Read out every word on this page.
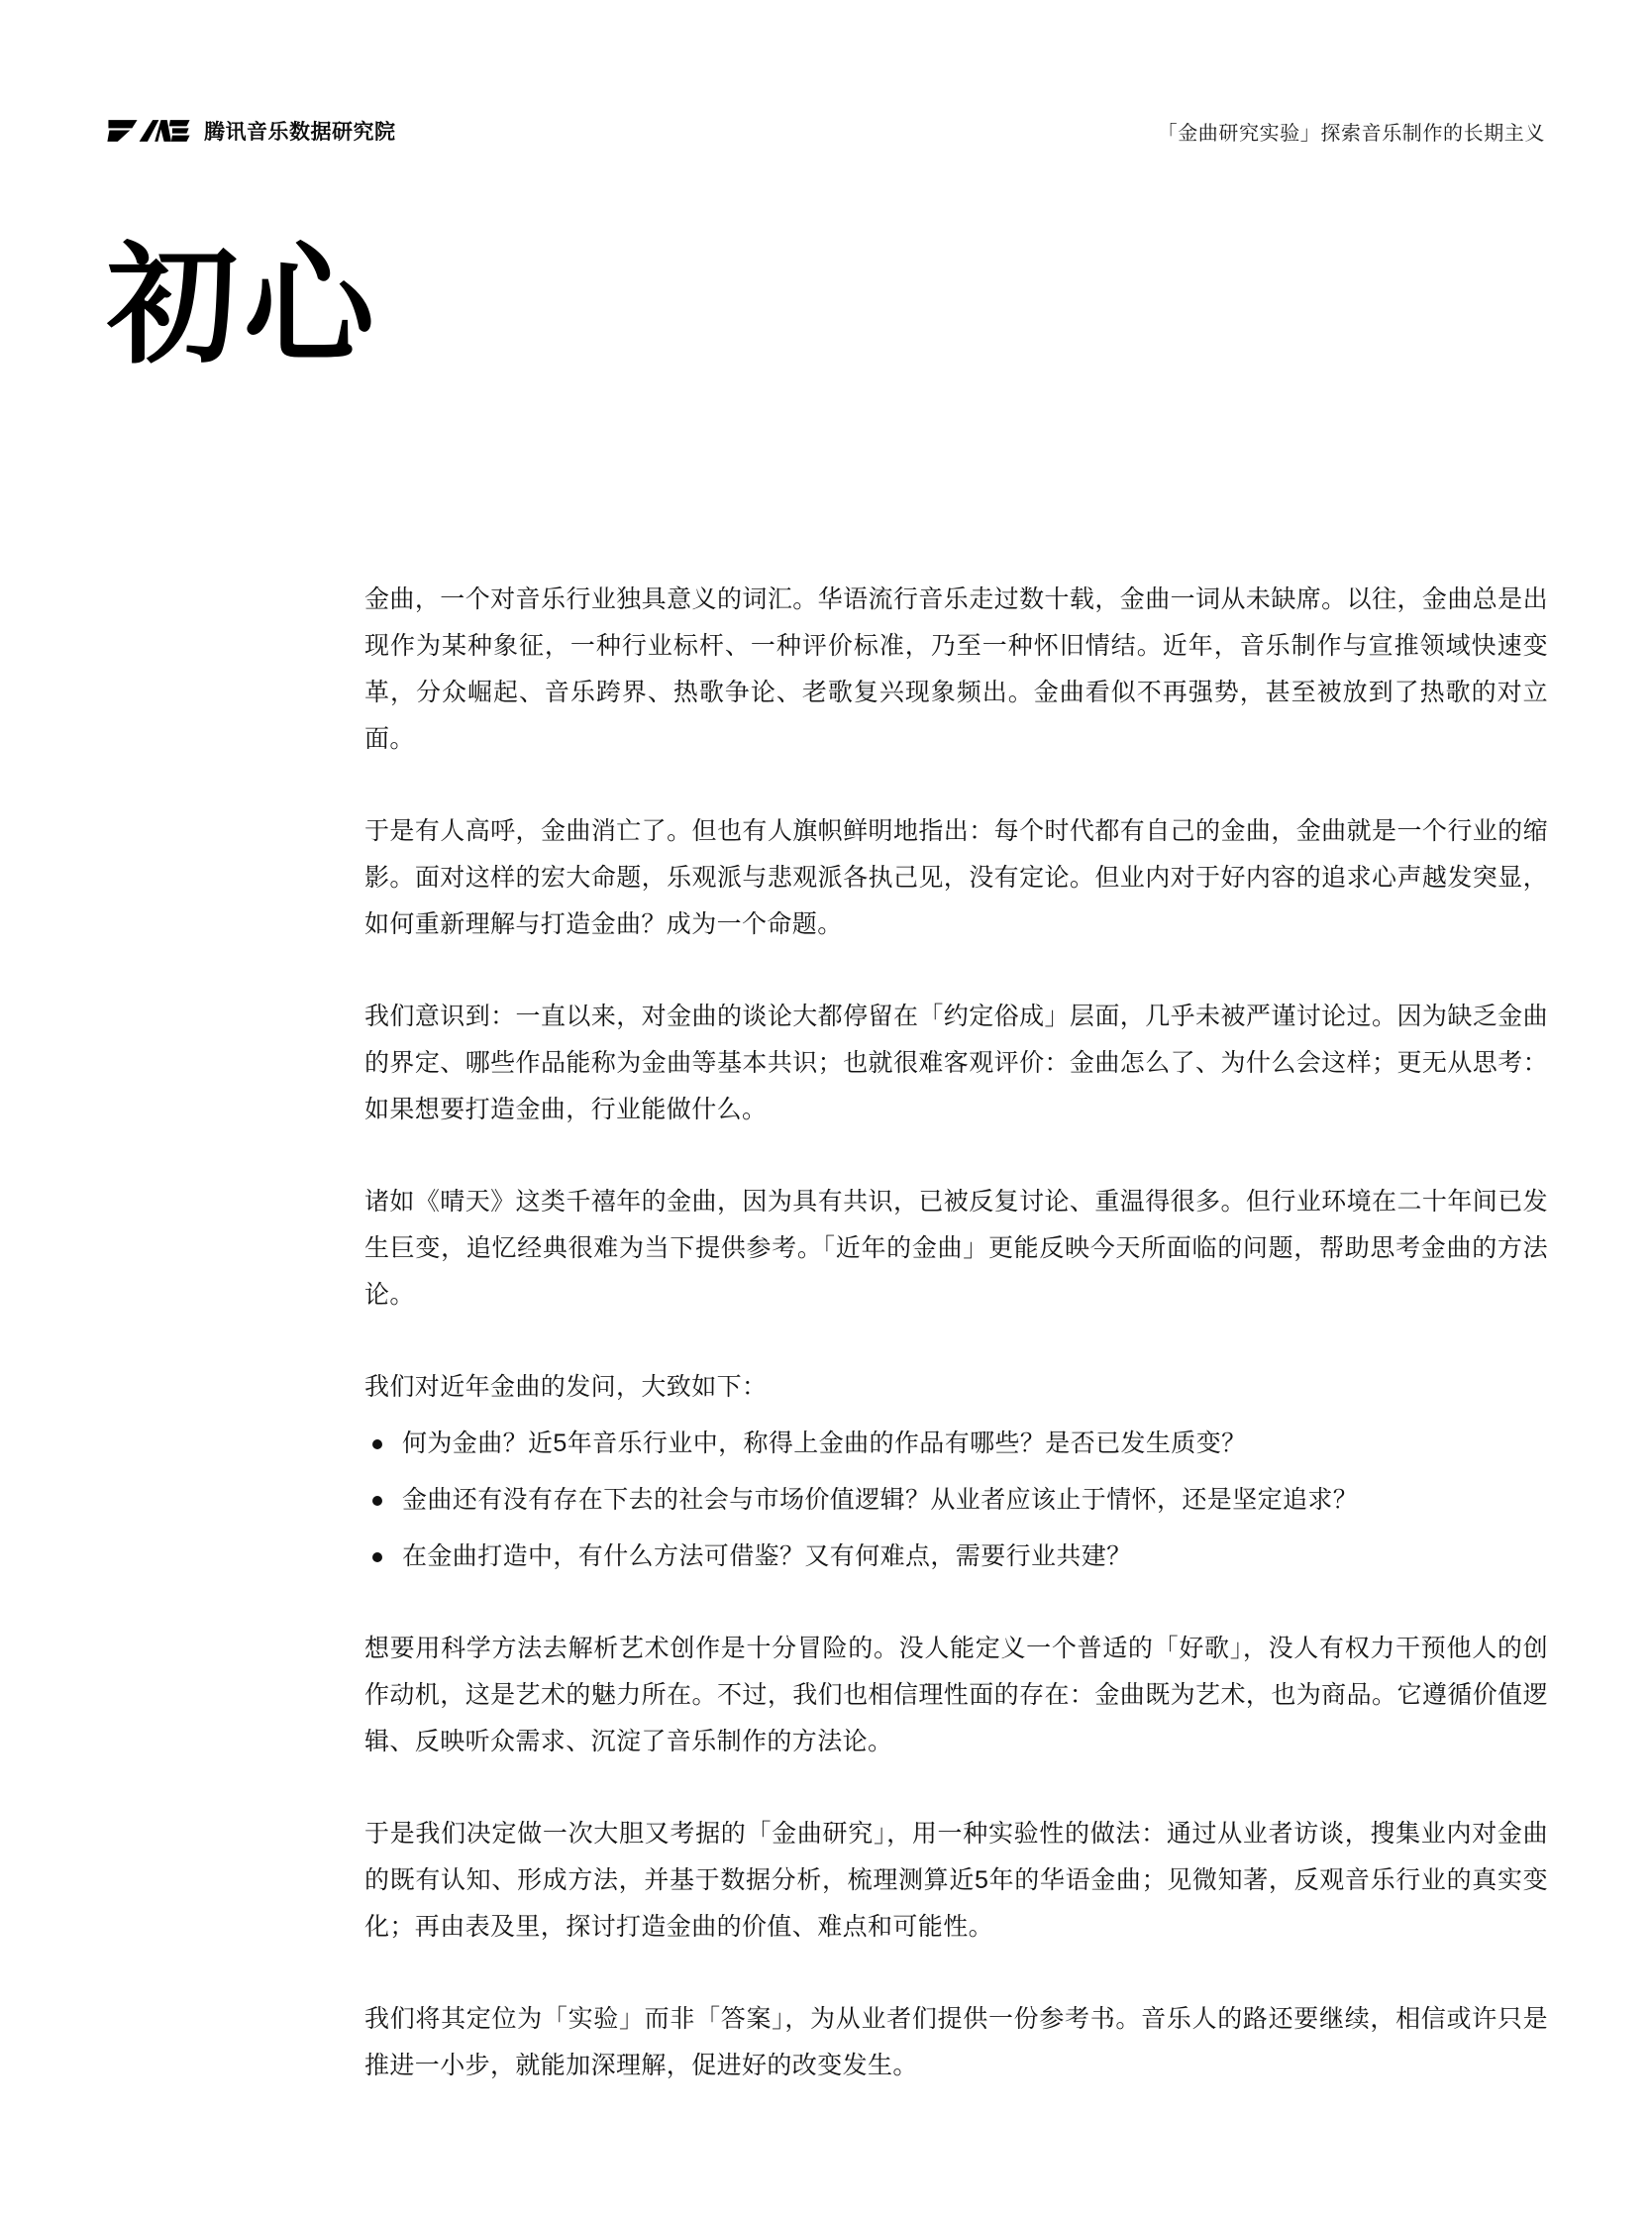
腾讯音乐数据研究院	「金曲研究实验」探索音乐制作的长期主义
初心

金曲，一个对音乐行业独具意义的词汇。华语流行音乐走过数十载，金曲一词从未缺席。以往，金曲总是出现作为某种象征，一种行业标杆、一种评价标准，乃至一种怀旧情结。近年，音乐制作与宣推领域快速变革，分众崛起、音乐跨界、热歌争论、老歌复兴现象频出。金曲看似不再强势，甚至被放到了热歌的对立面。

于是有人高呼，金曲消亡了。但也有人旗帜鲜明地指出：每个时代都有自己的金曲，金曲就是一个行业的缩影。面对这样的宏大命题，乐观派与悲观派各执己见，没有定论。但业内对于好内容的追求心声越发突显，如何重新理解与打造金曲？成为一个命题。

我们意识到：一直以来，对金曲的谈论大都停留在「约定俗成」层面，几乎未被严谨讨论过。因为缺乏金曲的界定、哪些作品能称为金曲等基本共识；也就很难客观评价：金曲怎么了、为什么会这样；更无从思考：如果想要打造金曲，行业能做什么。

诸如《晴天》这类千禧年的金曲，因为具有共识，已被反复讨论、重温得很多。但行业环境在二十年间已发生巨变，追忆经典很难为当下提供参考。「近年的金曲」更能反映今天所面临的问题，帮助思考金曲的方法论。

我们对近年金曲的发问，大致如下：

何为金曲？近5年音乐行业中，称得上金曲的作品有哪些？是否已发生质变？
金曲还有没有存在下去的社会与市场价值逻辑？从业者应该止于情怀，还是坚定追求？
在金曲打造中，有什么方法可借鉴？又有何难点，需要行业共建？

想要用科学方法去解析艺术创作是十分冒险的。没人能定义一个普适的「好歌」，没人有权力干预他人的创作动机，这是艺术的魅力所在。不过，我们也相信理性面的存在：金曲既为艺术，也为商品。它遵循价值逻辑、反映听众需求、沉淀了音乐制作的方法论。

于是我们决定做一次大胆又考据的「金曲研究」，用一种实验性的做法：通过从业者访谈，搜集业内对金曲的既有认知、形成方法，并基于数据分析，梳理测算近5年的华语金曲；见微知著，反观音乐行业的真实变化；再由表及里，探讨打造金曲的价值、难点和可能性。

我们将其定位为「实验」而非「答案」，为从业者们提供一份参考书。音乐人的路还要继续，相信或许只是推进一小步，就能加深理解，促进好的改变发生。
